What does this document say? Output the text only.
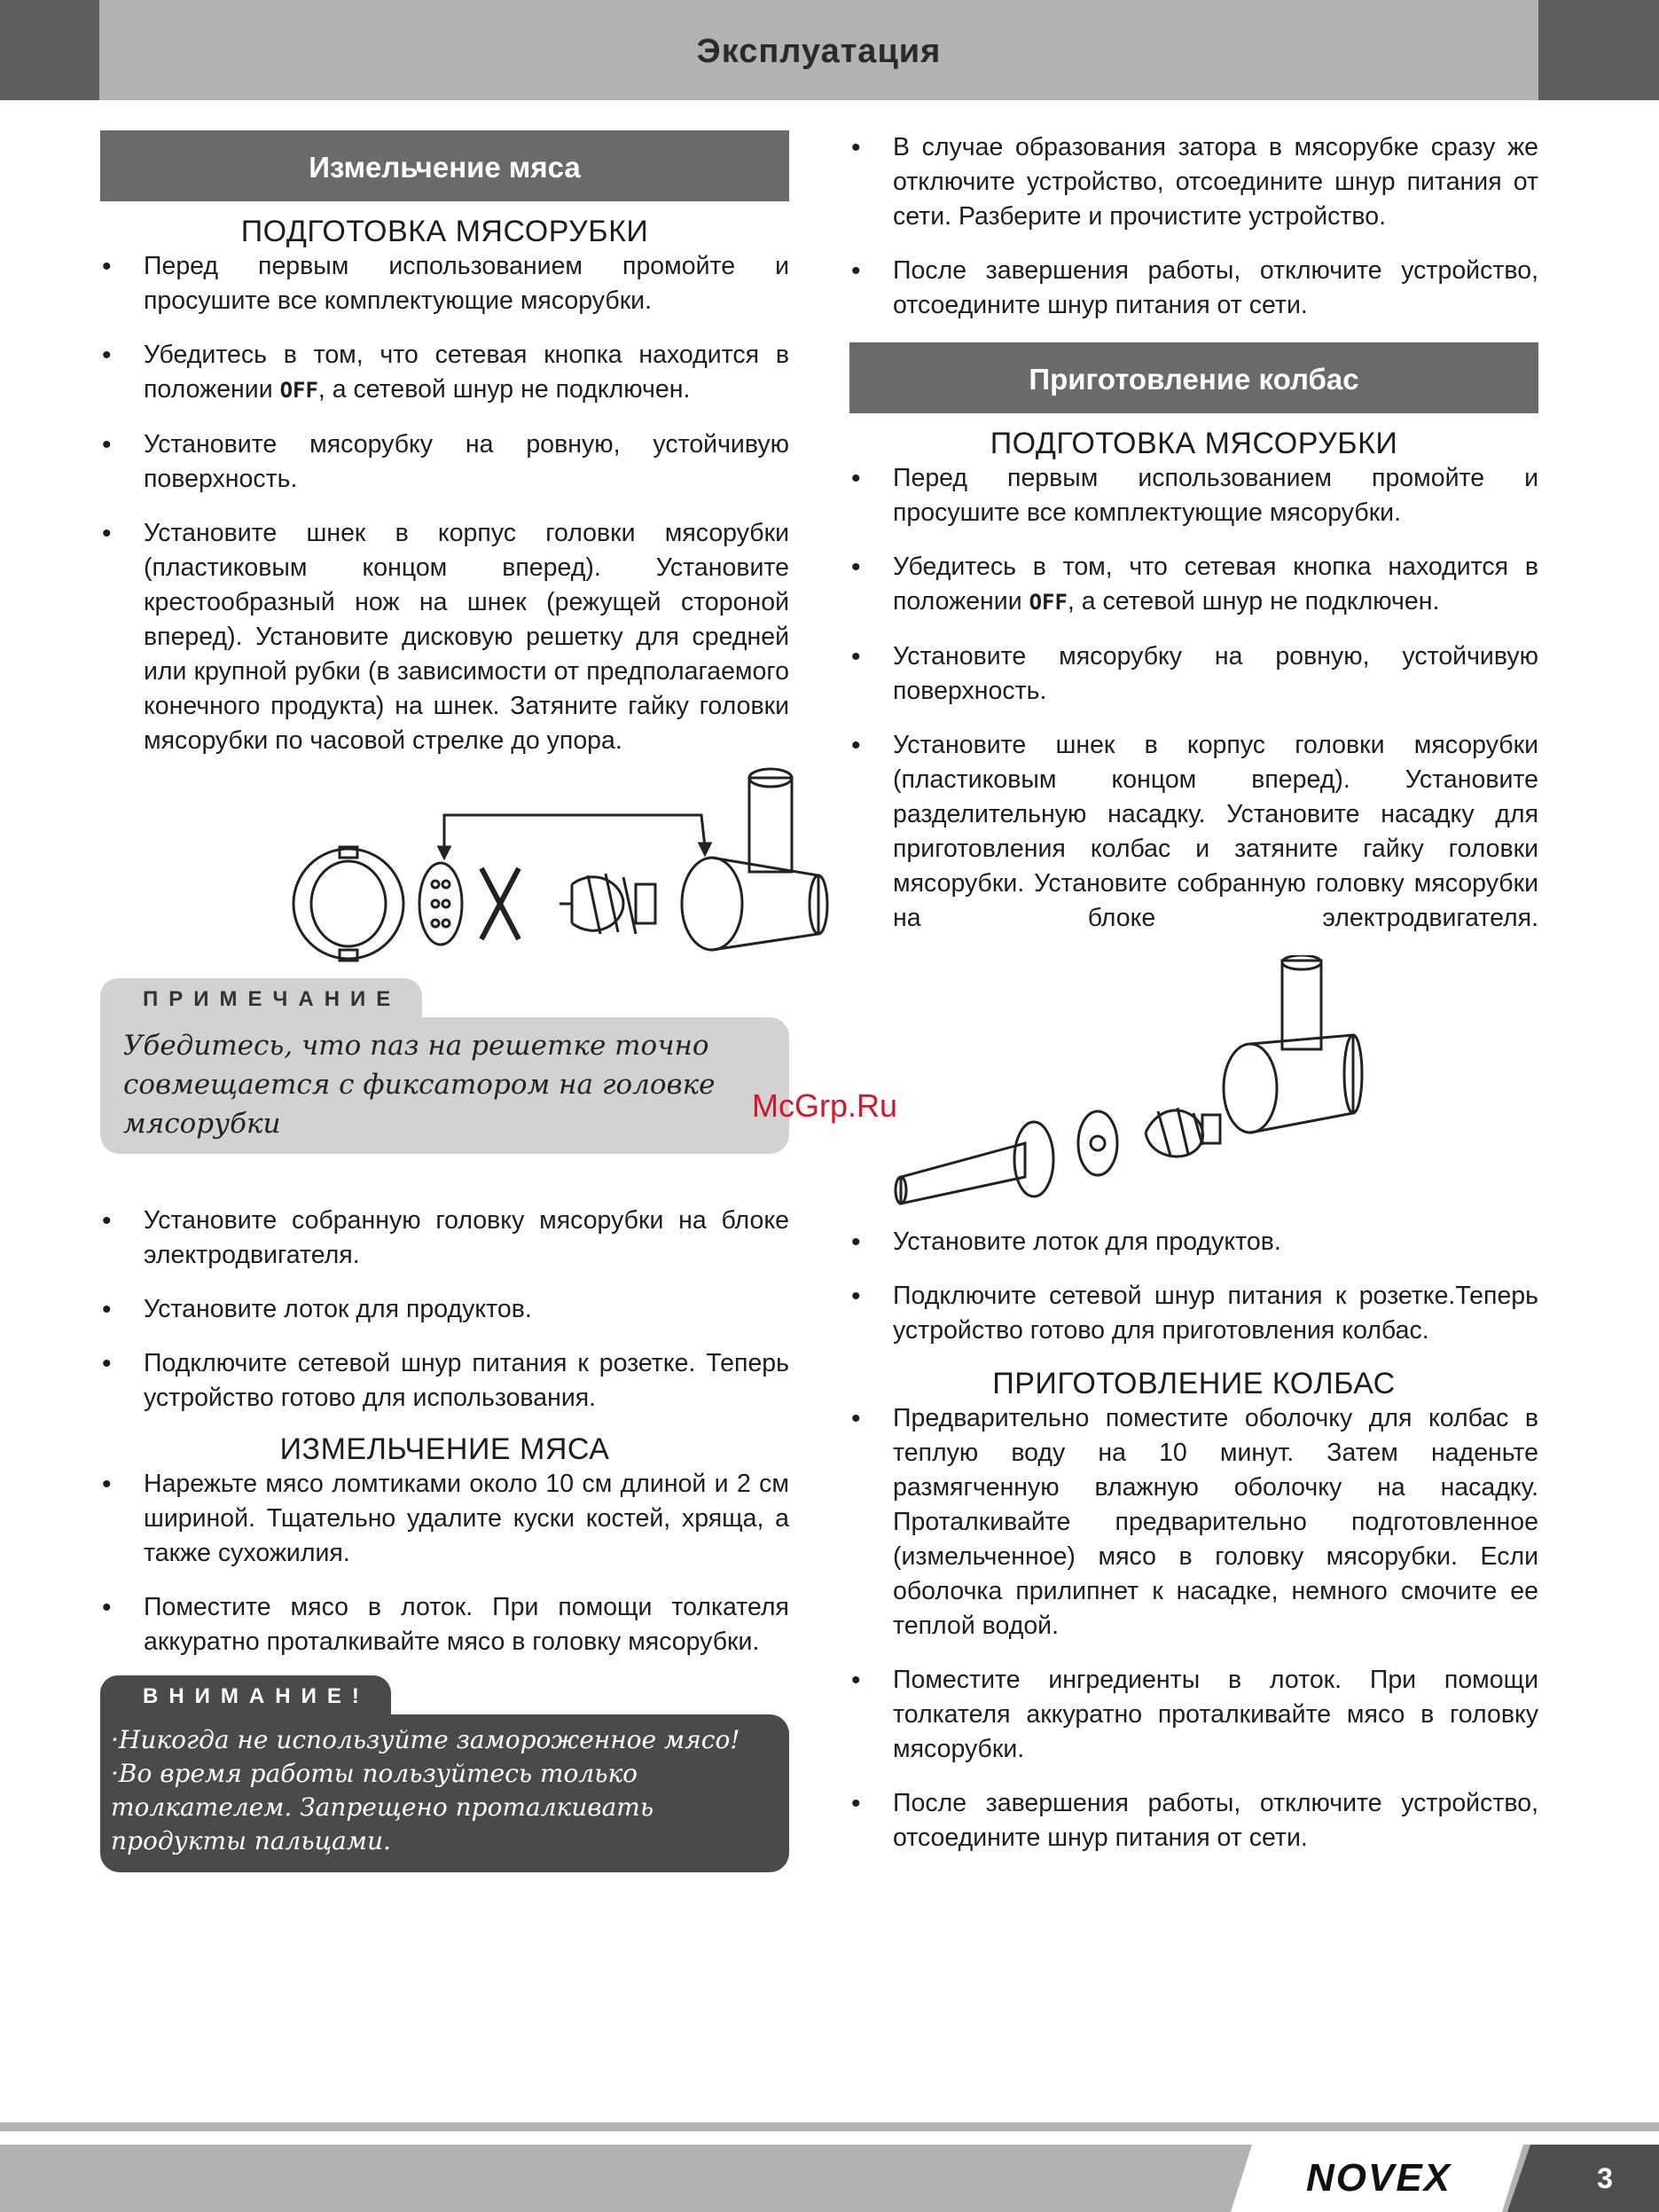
Эксплуатация
Измельчение мяса
ПОДГОТОВКА МЯСОРУБКИ
• Перед первым использованием промойте и просушите все комплектующие мясорубки.
• Убедитесь в том, что сетевая кнопка находится в положении OFF, а сетевой шнур не подключен.
• Установите мясорубку на ровную, устойчивую поверхность.
• Установите шнек в корпус головки мясорубки (пластиковым концом вперед). Установите крестообразный нож на шнек (режущей стороной вперед). Установите дисковую решетку для средней или крупной рубки (в зависимости от предполагаемого конечного продукта) на шнек. Затяните гайку головки мясорубки по часовой стрелке до упора.
ПРИМЕЧАНИЕ
Убедитесь, что паз на решетке точно совмещается с фиксатором на головке мясорубки
• Установите собранную головку мясорубки на блоке электродвигателя.
• Установите лоток для продуктов.
• Подключите сетевой шнур питания к розетке. Теперь устройство готово для использования.
ИЗМЕЛЬЧЕНИЕ МЯСА
• Нарежьте мясо ломтиками около 10 см длиной и 2 см шириной. Тщательно удалите куски костей, хряща, а также сухожилия.
• Поместите мясо в лоток. При помощи толкателя аккуратно проталкивайте мясо в головку мясорубки.
ВНИМАНИЕ!
·Никогда не используйте замороженное мясо!
·Во время работы пользуйтесь только толкателем. Запрещено проталкивать продукты пальцами.
• В случае образования затора в мясорубке сразу же отключите устройство, отсоедините шнур питания от сети. Разберите и прочистите устройство.
• После завершения работы, отключите устройство, отсоедините шнур питания от сети.
Приготовление колбас
ПОДГОТОВКА МЯСОРУБКИ
• Перед первым использованием промойте и просушите все комплектующие мясорубки.
• Убедитесь в том, что сетевая кнопка находится в положении OFF, а сетевой шнур не подключен.
• Установите мясорубку на ровную, устойчивую поверхность.
• Установите шнек в корпус головки мясорубки (пластиковым концом вперед). Установите разделительную насадку. Установите насадку для приготовления колбас и затяните гайку головки мясорубки. Установите собранную головку мясорубки на блоке электродвигателя.
• Установите лоток для продуктов.
• Подключите сетевой шнур питания к розетке.Теперь устройство готово для приготовления колбас.
ПРИГОТОВЛЕНИЕ КОЛБАС
• Предварительно поместите оболочку для колбас в теплую воду на 10 минут. Затем наденьте размягченную влажную оболочку на насадку. Проталкивайте предварительно подготовленное (измельченное) мясо в головку мясорубки. Если оболочка прилипнет к насадке, немного смочите ее теплой водой.
• Поместите ингредиенты в лоток. При помощи толкателя аккуратно проталкивайте мясо в головку мясорубки.
• После завершения работы, отключите устройство, отсоедините шнур питания от сети.
McGrp.Ru
NOVEX	3
